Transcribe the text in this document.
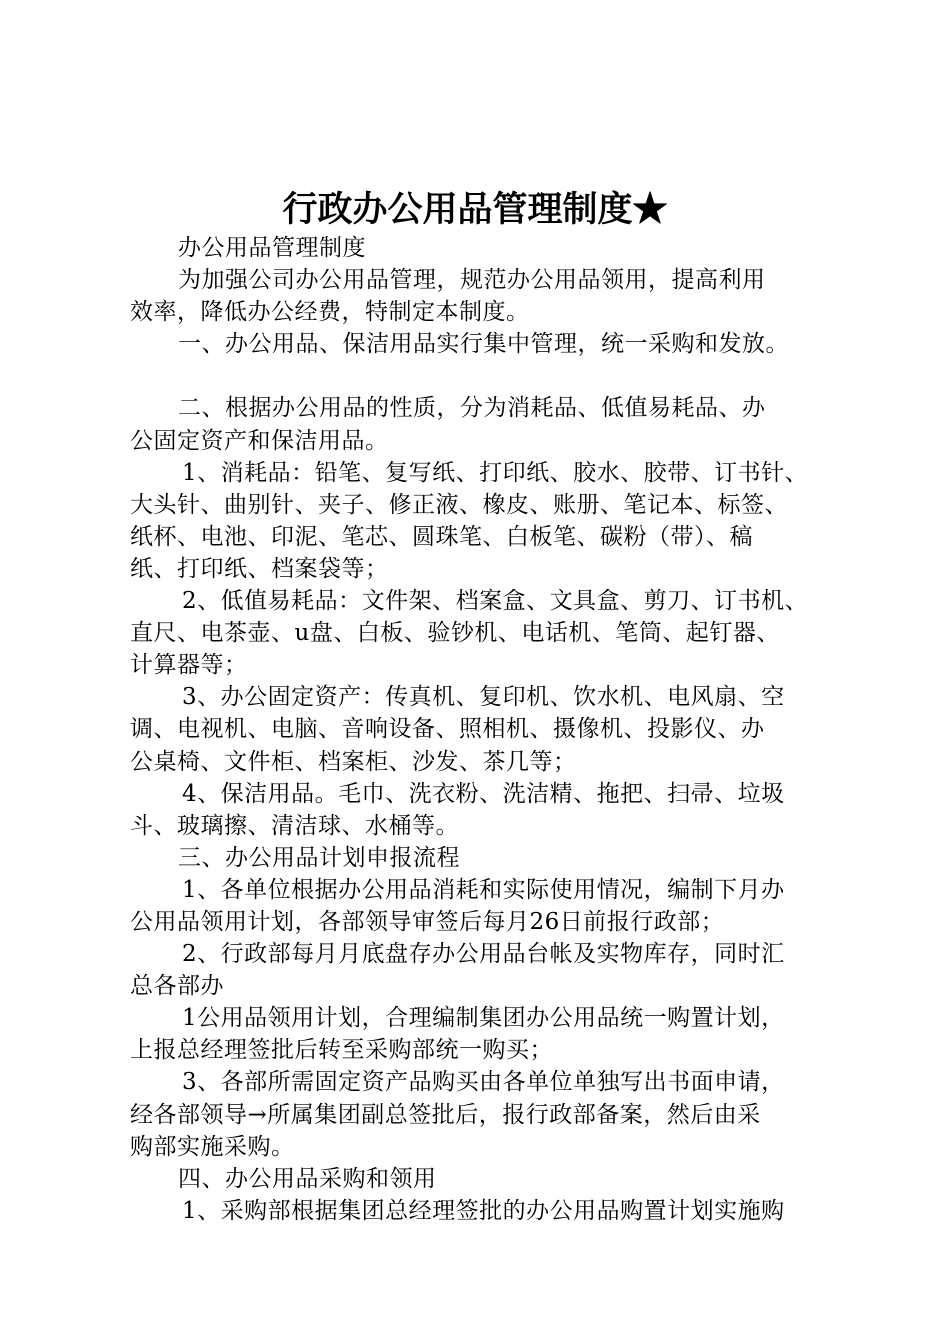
行政办公用品管理制度★
办公用品管理制度
为加强公司办公用品管理，规范办公用品领用，提高利用
效率，降低办公经费，特制定本制度。
一、办公用品、保洁用品实行集中管理，统一采购和发放。
二、根据办公用品的性质，分为消耗品、低值易耗品、办
公固定资产和保洁用品。
1、消耗品：铅笔、复写纸、打印纸、胶水、胶带、订书针、
大头针、曲别针、夹子、修正液、橡皮、账册、笔记本、标签、
纸杯、电池、印泥、笔芯、圆珠笔、白板笔、碳粉（带）、稿
纸、打印纸、档案袋等；
2、低值易耗品：文件架、档案盒、文具盒、剪刀、订书机、
直尺、电茶壶、u盘、白板、验钞机、电话机、笔筒、起钉器、
计算器等；
3、办公固定资产：传真机、复印机、饮水机、电风扇、空
调、电视机、电脑、音响设备、照相机、摄像机、投影仪、办
公桌椅、文件柜、档案柜、沙发、茶几等；
4、保洁用品。毛巾、洗衣粉、洗洁精、拖把、扫帚、垃圾
斗、玻璃擦、清洁球、水桶等。
三、办公用品计划申报流程
1、各单位根据办公用品消耗和实际使用情况，编制下月办
公用品领用计划，各部领导审签后每月26日前报行政部；
2、行政部每月月底盘存办公用品台帐及实物库存，同时汇
总各部办
1公用品领用计划，合理编制集团办公用品统一购置计划，
上报总经理签批后转至采购部统一购买；
3、各部所需固定资产品购买由各单位单独写出书面申请，
经各部领导→所属集团副总签批后，报行政部备案，然后由采
购部实施采购。
四、办公用品采购和领用
1、采购部根据集团总经理签批的办公用品购置计划实施购
